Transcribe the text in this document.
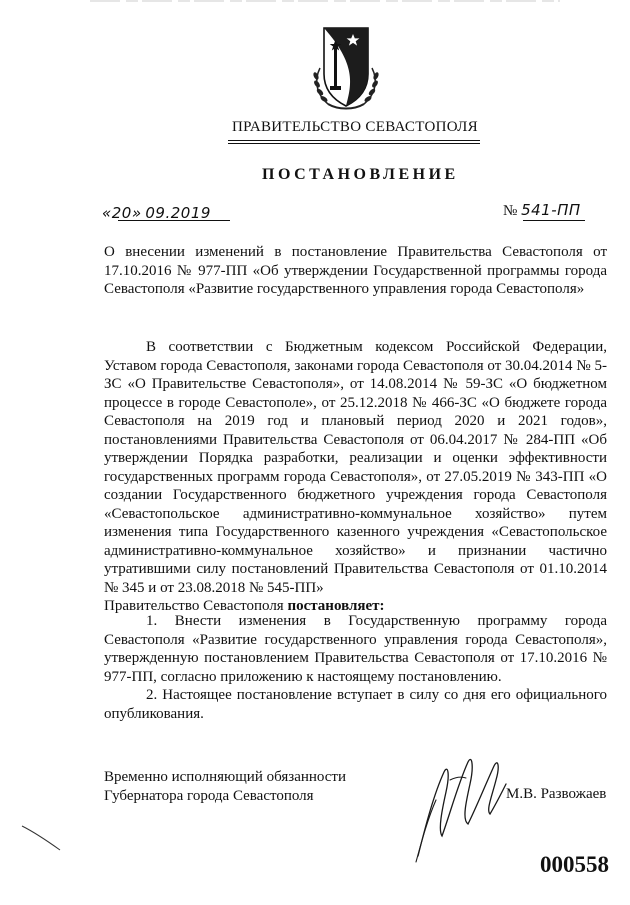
ПРАВИТЕЛЬСТВО СЕВАСТОПОЛЯ
ПОСТАНОВЛЕНИЕ
«20» 09.2019	№ 541-ПП
О внесении изменений в постановление Правительства Севастополя от 17.10.2016 № 977-ПП «Об утверждении Государственной программы города Севастополя «Развитие государственного управления города Севастополя»

В соответствии с Бюджетным кодексом Российской Федерации, Уставом города Севастополя, законами города Севастополя от 30.04.2014 № 5-ЗС «О Правительстве Севастополя», от 14.08.2014 № 59-ЗС «О бюджетном процессе в городе Севастополе», от 25.12.2018 № 466-ЗС «О бюджете города Севастополя на 2019 год и плановый период 2020 и 2021 годов», постановлениями Правительства Севастополя от 06.04.2017 № 284-ПП «Об утверждении Порядка разработки, реализации и оценки эффективности государственных программ города Севастополя», от 27.05.2019 № 343-ПП «О создании Государственного бюджетного учреждения города Севастополя «Севастопольское административно-коммунальное хозяйство» путем изменения типа Государственного казенного учреждения «Севастопольское административно-коммунальное хозяйство» и признании частично утратившими силу постановлений Правительства Севастополя от 01.10.2014 № 345 и от 23.08.2018 № 545-ПП»

Правительство Севастополя постановляет:

1. Внести изменения в Государственную программу города Севастополя «Развитие государственного управления города Севастополя», утвержденную постановлением Правительства Севастополя от 17.10.2016 № 977-ПП, согласно приложению к настоящему постановлению.

2. Настоящее постановление вступает в силу со дня его официального опубликования.

Временно исполняющий обязанности
Губернатора города Севастополя	М.В. Развожаев
000558
